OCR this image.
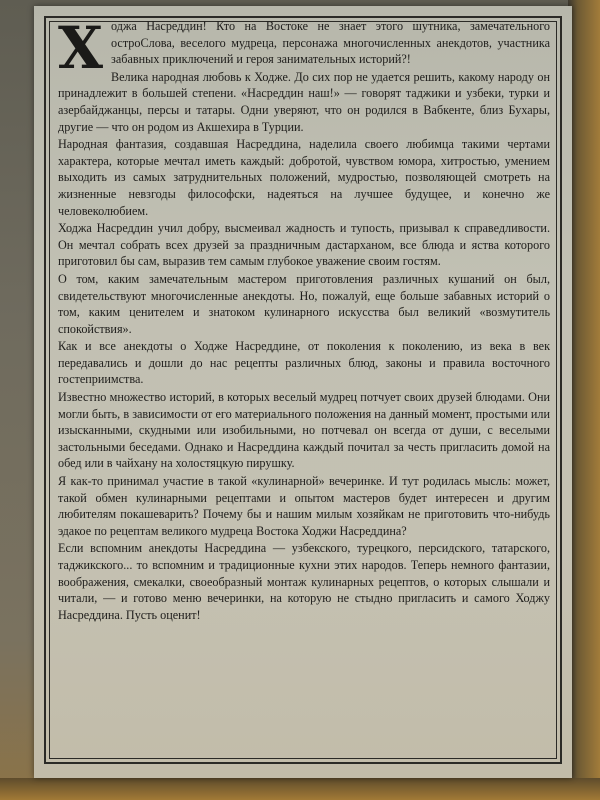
Ходжа Насреддин! Кто на Востоке не знает этого шутника, замечательного остроСлова, веселого мудреца, персонажа многочисленных анекдотов, участника забавных приключений и героя занимательных историй?!

Велика народная любовь к Ходже. До сих пор не удается решить, какому народу он принадлежит в большей степени. «Насреддин наш!» — говорят таджики и узбеки, турки и азербайджанцы, персы и татары. Одни уверяют, что он родился в Вабкенте, близ Бухары, другие — что он родом из Акшехира в Турции.

Народная фантазия, создавшая Насреддина, наделила своего любимца такими чертами характера, которые мечтал иметь каждый: добротой, чувством юмора, хитростью, умением выходить из самых затруднительных положений, мудростью, позволяющей смотреть на жизненные невзгоды философски, надеяться на лучшее будущее, и конечно же человеколюбием.

Ходжа Насреддин учил добру, высмеивал жадность и тупость, призывал к справедливости. Он мечтал собрать всех друзей за праздничным дастарханом, все блюда и яства которого приготовил бы сам, выразив тем самым глубокое уважение своим гостям.

О том, каким замечательным мастером приготовления различных кушаний он был, свидетельствуют многочисленные анекдоты. Но, пожалуй, еще больше забавных историй о том, каким ценителем и знатоком кулинарного искусства был великий «возмутитель спокойствия».

Как и все анекдоты о Ходже Насреддине, от поколения к поколению, из века в век передавались и дошли до нас рецепты различных блюд, законы и правила восточного гостеприимства.

Известно множество историй, в которых веселый мудрец потчует своих друзей блюдами. Они могли быть, в зависимости от его материального положения на данный момент, простыми или изысканными, скудными или изобильными, но потчевал он всегда от души, с веселыми застольными беседами. Однако и Насреддина каждый почитал за честь пригласить домой на обед или в чайхану на холостяцкую пирушку.

Я как-то принимал участие в такой «кулинарной» вечеринке. И тут родилась мысль: может, такой обмен кулинарными рецептами и опытом мастеров будет интересен и другим любителям покашеварить? Почему бы и нашим милым хозяйкам не приготовить что-нибудь эдакое по рецептам великого мудреца Востока Ходжи Насреддина?

Если вспомним анекдоты Насреддина — узбекского, турецкого, персидского, татарского, таджикского... то вспомним и традиционные кухни этих народов. Теперь немного фантазии, воображения, смекалки, своеобразный монтаж кулинарных рецептов, о которых слышали и читали, — и готово меню вечеринки, на которую не стыдно пригласить и самого Ходжу Насреддина. Пусть оценит!
